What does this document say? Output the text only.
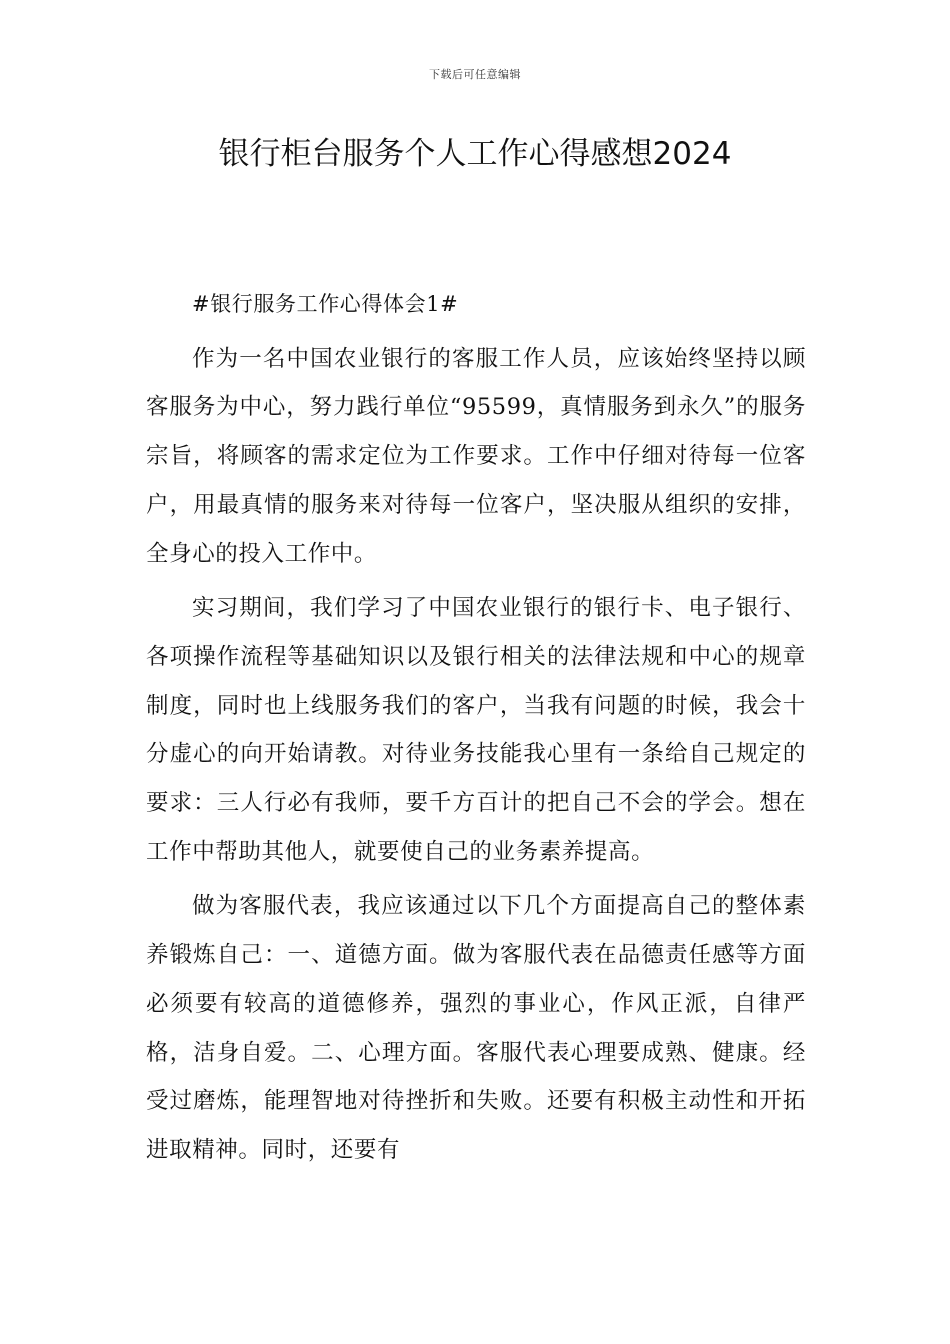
下载后可任意编辑
银行柜台服务个人工作心得感想2024

#银行服务工作心得体会1#

作为一名中国农业银行的客服工作人员，应该始终坚持以顾客服务为中心，努力践行单位“95599，真情服务到永久”的服务宗旨，将顾客的需求定位为工作要求。工作中仔细对待每一位客户，用最真情的服务来对待每一位客户，坚决服从组织的安排，全身心的投入工作中。

实习期间，我们学习了中国农业银行的银行卡、电子银行、各项操作流程等基础知识以及银行相关的法律法规和中心的规章制度，同时也上线服务我们的客户，当我有问题的时候，我会十分虚心的向开始请教。对待业务技能我心里有一条给自己规定的要求：三人行必有我师，要千方百计的把自己不会的学会。想在工作中帮助其他人，就要使自己的业务素养提高。

做为客服代表，我应该通过以下几个方面提高自己的整体素养锻炼自己：一、道德方面。做为客服代表在品德责任感等方面必须要有较高的道德修养，强烈的事业心，作风正派，自律严格，洁身自爱。二、心理方面。客服代表心理要成熟、健康。经受过磨炼，能理智地对待挫折和失败。还要有积极主动性和开拓进取精神。同时，还要有
